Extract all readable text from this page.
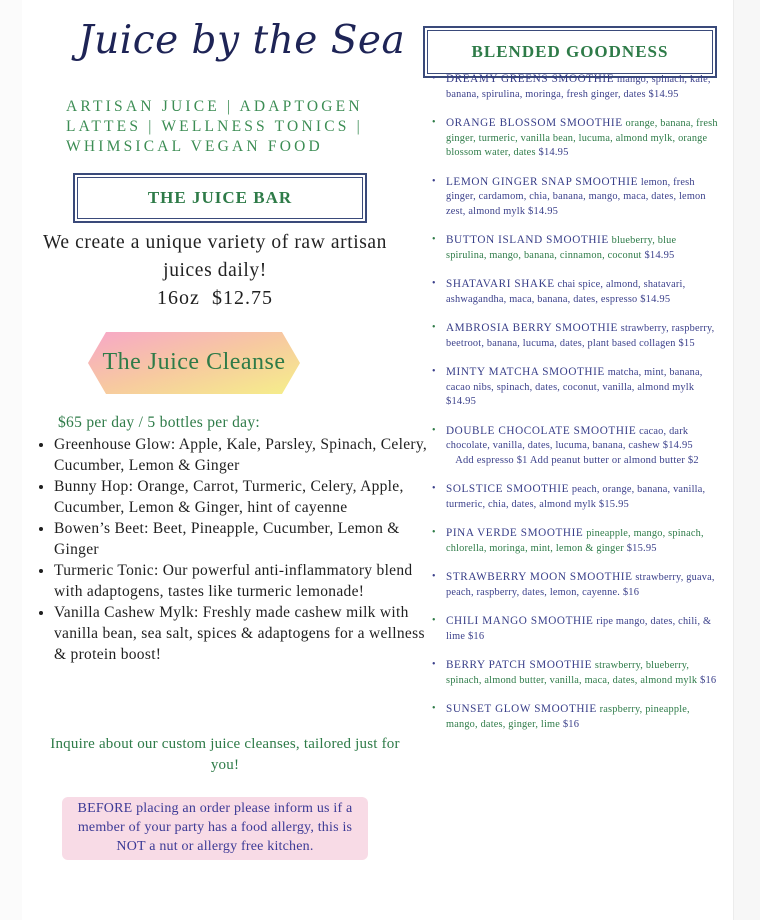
Juice by the Sea
ARTISAN JUICE | ADAPTOGEN LATTES | WELLNESS TONICS | WHIMSICAL VEGAN FOOD
THE JUICE BAR
We create a unique variety of raw artisan juices daily!
16oz $12.75
The Juice Cleanse
$65 per day / 5 bottles per day:
• Greenhouse Glow: Apple, Kale, Parsley, Spinach, Celery, Cucumber, Lemon & Ginger
• Bunny Hop: Orange, Carrot, Turmeric, Celery, Apple, Cucumber, Lemon & Ginger, hint of cayenne
• Bowen’s Beet: Beet, Pineapple, Cucumber, Lemon & Ginger
• Turmeric Tonic: Our powerful anti-inflammatory blend with adaptogens, tastes like turmeric lemonade!
• Vanilla Cashew Mylk: Freshly made cashew milk with vanilla bean, sea salt, spices & adaptogens for a wellness & protein boost!
Inquire about our custom juice cleanses, tailored just for you!
BEFORE placing an order please inform us if a member of your party has a food allergy, this is NOT a nut or allergy free kitchen.
BLENDED GOODNESS
• DREAMY GREENS SMOOTHIE mango, spinach, kale, banana, spirulina, moringa, fresh ginger, dates $14.95
• ORANGE BLOSSOM SMOOTHIE orange, banana, fresh ginger, turmeric, vanilla bean, lucuma, almond mylk, orange blossom water, dates $14.95
• LEMON GINGER SNAP SMOOTHIE lemon, fresh ginger, cardamom, chia, banana, mango, maca, dates, lemon zest, almond mylk $14.95
• BUTTON ISLAND SMOOTHIE blueberry, blue spirulina, mango, banana, cinnamon, coconut $14.95
• SHATAVARI SHAKE chai spice, almond, shatavari, ashwagandha, maca, banana, dates, espresso $14.95
• AMBROSIA BERRY SMOOTHIE strawberry, raspberry, beetroot, banana, lucuma, dates, plant based collagen $15
• MINTY MATCHA SMOOTHIE matcha, mint, banana, cacao nibs, spinach, dates, coconut, vanilla, almond mylk $14.95
• DOUBLE CHOCOLATE SMOOTHIE cacao, dark chocolate, vanilla, dates, lucuma, banana, cashew $14.95
Add espresso $1 Add peanut butter or almond butter $2
• SOLSTICE SMOOTHIE peach, orange, banana, vanilla, turmeric, chia, dates, almond mylk $15.95
• PINA VERDE SMOOTHIE pineapple, mango, spinach, chlorella, moringa, mint, lemon & ginger $15.95
• STRAWBERRY MOON SMOOTHIE strawberry, guava, peach, raspberry, dates, lemon, cayenne. $16
• CHILI MANGO SMOOTHIE ripe mango, dates, chili, & lime $16
• BERRY PATCH SMOOTHIE strawberry, blueberry, spinach, almond butter, vanilla, maca, dates, almond mylk $16
• SUNSET GLOW SMOOTHIE raspberry, pineapple, mango, dates, ginger, lime $16
